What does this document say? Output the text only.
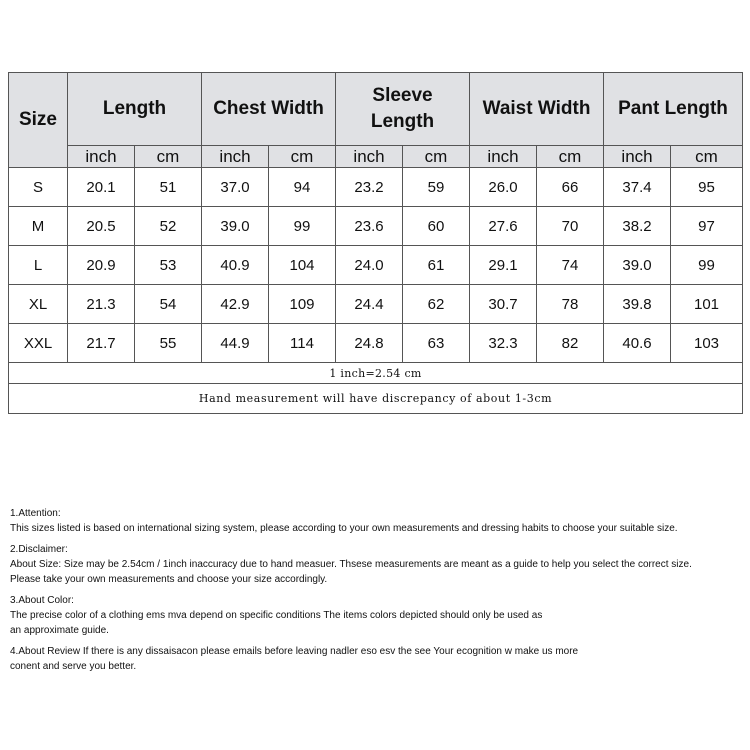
Size	Length		Chest Width		Sleeve Length		Waist Width		Pant Length	
	inch	cm	inch	cm	inch	cm	inch	cm	inch	cm
S	20.1	51	37.0	94	23.2	59	26.0	66	37.4	95
M	20.5	52	39.0	99	23.6	60	27.6	70	38.2	97
L	20.9	53	40.9	104	24.0	61	29.1	74	39.0	99
XL	21.3	54	42.9	109	24.4	62	30.7	78	39.8	101
XXL	21.7	55	44.9	114	24.8	63	32.3	82	40.6	103
1 inch=2.54 cm										
Hand measurement will have discrepancy of about 1-3cm										
1.Attention:
This sizes listed is based on international sizing system, please according to your own measurements and dressing habits to choose your suitable size.
2.Disclaimer:
About Size: Size may be 2.54cm / 1inch inaccuracy due to hand measuer. Thsese measurements are meant as a guide to help you select the correct size.
Please take your own measurements and choose your size accordingly.
3.About Color:
The precise color of a clothing ems mva depend on specific conditions The items colors depicted should only be used as
an approximate guide.
4.About Review If there is any dissaisacon please emails before leaving nadler eso esv the see Your ecognition w make us more
conent and serve you better.
